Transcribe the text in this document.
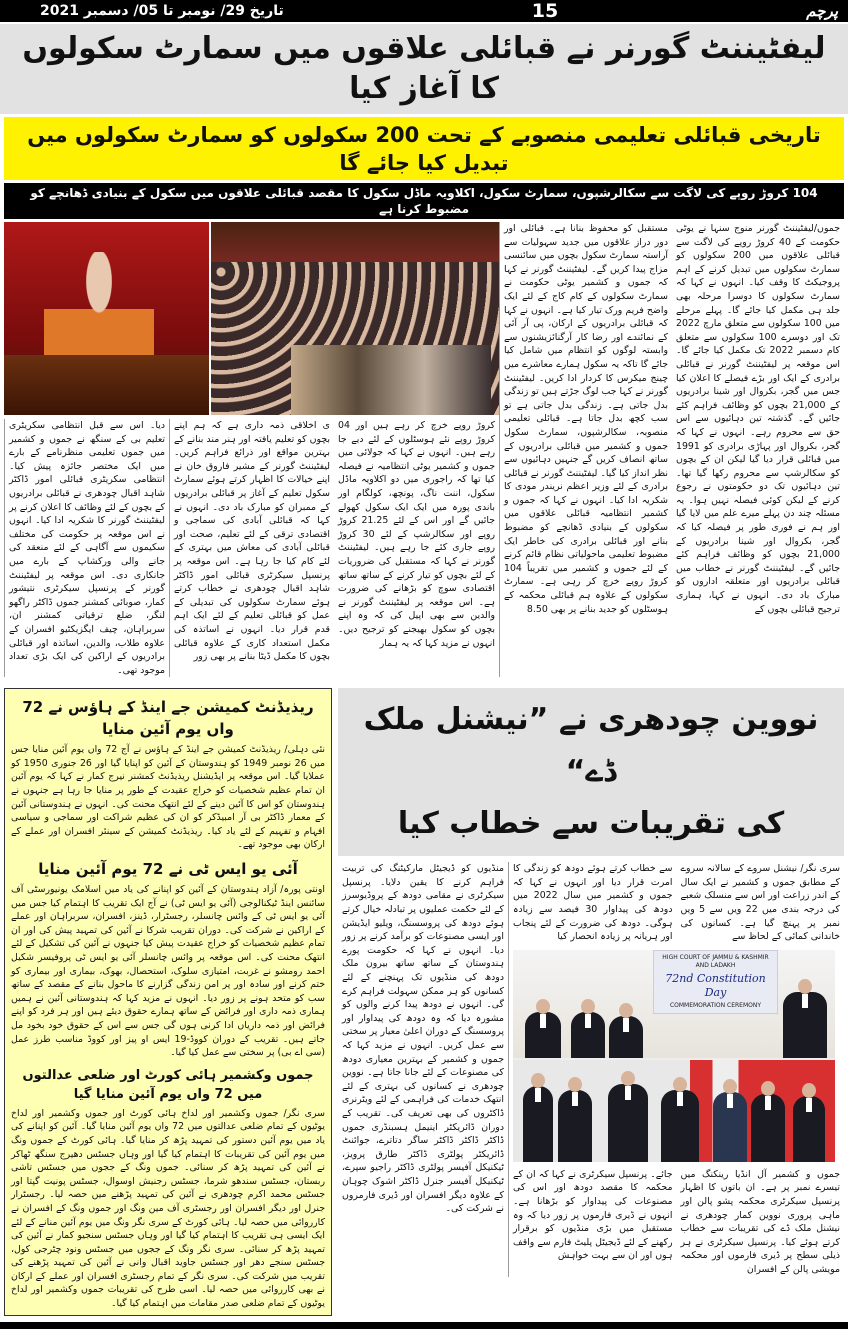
تاریخ 29/ نومبر تا 05/ دسمبر 2021	15	پرچم
لیفٹیننٹ گورنر نے قبائلی علاقوں میں سمارٹ سکولوں کا آغاز کیا
تاریخی قبائلی تعلیمی منصوبے کے تحت 200 سکولوں کو سمارٹ سکولوں میں تبدیل کیا جائے گا
104 کروڑ روپے کی لاگت سے سکالرشپوں، سمارٹ سکول، اکلاویہ ماڈل سکول کا مقصد قبائلی علاقوں میں سکول کے بنیادی ڈھانچے کو مضبوط کرنا ہے
کروڑ روپے خرچ کر رہے ہیں اور 04 کروڑ روپے نئے ہوسٹلوں کے لئے دیے جا رہے ہیں۔ انہوں نے کہا کہ جولائی میں جموں و کشمیر یوٹی انتظامیہ نے فیصلہ کیا تھا کہ راجوری میں دو اکلاویہ ماڈل سکول، اننت ناگ، پونچھ، کولگام اور باندی پورہ میں ایک ایک سکول کھولے جائیں گے اور اس کے لئے 21.25 کروڑ روپے اور سکالرشپ کے لئے 30 کروڑ روپے جاری کئے جا رہے ہیں۔ لیفٹیننٹ گورنر نے کہا کہ مستقبل کی ضروریات کے لئے بچوں کو تیار کرنے کے ساتھ ساتھ اقتصادی سوچ کو بڑھانے کی ضرورت ہے۔ اس موقعہ پر لیفٹیننٹ گورنر نے والدین سے بھی اپیل کی کہ وہ اپنے بچوں کو سکول بھیجنے کو ترجیح دیں۔ انہوں نے مزید کہا کہ یہ ہمار
ی اخلاقی ذمہ داری ہے کہ ہم اپنے بچوں کو تعلیم یافتہ اور ہنر مند بنانے کے بہترین مواقع اور ذرائع فراہم کریں۔ لیفٹیننٹ گورنر کے مشیر فاروق خان نے اپنے خیالات کا اظہار کرتے ہوئے سمارٹ سکول تعلیم کے آغاز پر قبائلی برادریوں کے ممبران کو مبارک باد دی۔ انہوں نے کہا کہ قبائلی آبادی کی سماجی و اقتصادی ترقی کے لئے تعلیم، صحت اور قبائلی آبادی کی معاش میں بہتری کے لئے کام کیا جا رہا ہے۔ اس موقعہ پر پرنسپل سیکرٹری قبائلی امور ڈاکٹر شاہد اقبال چودھری نے خطاب کرتے ہوئے سمارٹ سکولوں کی تبدیلی کے عمل کو قبائلی تعلیم کے لئے ایک اہم قدم قرار دیا۔ انہوں نے اساتذہ کی مکمل استعداد کاری کے علاوہ قبائلی بچوں کا مکمل ڈیٹا بنانے پر بھی زور
دیا۔ اس سے قبل انتظامی سکریٹری تعلیم بی کے سنگھ نے جموں و کشمیر میں جموں تعلیمی منظرنامے کے بارے میں ایک مختصر جائزہ پیش کیا۔ انتظامی سکریٹری قبائلی امور ڈاکٹر شاہد اقبال چودھری نے قبائلی برادریوں کے بچوں کے لئے وظائف کا اعلان کرنے پر لیفٹیننٹ گورنر کا شکریہ ادا کیا۔ انہوں نے اس موقعہ پر حکومت کی مختلف سکیموں سے آگاہی کے لئے منعقد کی جانے والی ورکشاپ کے بارے میں جانکاری دی۔ اس موقعہ پر لیفٹیننٹ گورنر کے پرنسپل سیکرٹری نتیشور کمار، صوبائی کمشنر جموں ڈاکٹر راگھو لنگر، ضلع ترقیاتی کمشنر ان، سربراہان، چیف ایگزیکٹیو افسران کے علاوہ طلاب، والدین، اساتذہ اور قبائلی برادریوں کے اراکین کی ایک بڑی تعداد موجود تھی۔
جموں/لیفٹیننٹ گورنر منوج سنہا نے یوٹی حکومت کے 40 کروڑ روپے کی لاگت سے قبائلی علاقوں میں 200 سکولوں کو سمارٹ سکولوں میں تبدیل کرنے کے اہم پروجیکٹ کا وقف کیا۔ انہوں نے کہا کہ سمارٹ سکولوں کا دوسرا مرحلہ بھی جلد ہی مکمل کیا جائے گا۔ پہلے مرحلے میں 100 سکولوں سے متعلق مارچ 2022 تک اور دوسرے 100 سکولوں سے متعلق کام دسمبر 2022 تک مکمل کیا جائے گا۔ اس موقعہ پر لیفٹیننٹ گورنر نے قبائلی برادری کے ایک اور بڑے فیصلے کا اعلان کیا جس میں گجر، بکروال اور شینا برادریوں کے 21,000 بچوں کو وظائف فراہم کئے جائیں گے۔ گذشتہ تین دہائیوں سے اس حق سے محروم رہے۔ انہوں نے کہا کہ گجر، بکروال اور پہاڑی برادری کو 1991 میں قبائلی قرار دیا گیا لیکن ان کے بچوں کو سکالرشپ سے محروم رکھا گیا تھا۔ تین دہائیوں تک دو حکومتوں نے رجوع کرنے کے لیکن کوئی فیصلہ نہیں ہوا۔ یہ مسئلہ چند دن پہلے میرے علم میں لایا گیا اور ہم نے فوری طور پر فیصلہ کیا کہ گجر، بکروال اور شینا برادریوں کے 21,000 بچوں کو وظائف فراہم کئے جائیں گے۔ لیفٹیننٹ گورنر نے خطاب میں قبائلی برادریوں اور متعلقہ اداروں کو مبارک باد دی۔ انہوں نے کہا، ہماری ترجیح قبائلی بچوں کے
مستقبل کو محفوظ بنانا ہے۔ قبائلی اور دور دراز علاقوں میں جدید سہولیات سے آراستہ سمارٹ سکول بچوں میں سائنسی مزاج پیدا کریں گے۔ لیفٹیننٹ گورنر نے کہا کہ جموں و کشمیر یوٹی حکومت نے سمارٹ سکولوں کے کام کاج کے لئے ایک واضح فریم ورک تیار کیا ہے۔ انہوں نے کہا کہ قبائلی برادریوں کے ارکان، پی آر آئی کے نمائندے اور رضا کار آرگنائزیشنوں سے وابستہ لوگوں کو انتظام میں شامل کیا جائے گا تاکہ یہ سکول ہمارے معاشرے میں چینج میکرس کا کردار ادا کریں۔ لیفٹیننٹ گورنر نے کہا جب لوگ جڑتے ہیں تو زندگی بدل جاتی ہے۔ زندگی بدل جاتی ہے تو سب کچھ بدل جاتا ہے۔ قبائلی تعلیمی منصوبہ، سکالرشپوں، سمارٹ سکول جموں و کشمیر میں قبائلی برادریوں کے ساتھ انصاف کریں گے جنہیں دہائیوں سے نظر انداز کیا گیا۔ لیفٹیننٹ گورنر نے قبائلی برادری کے لئے وزیر اعظم نریندر مودی کا شکریہ ادا کیا۔ انہوں نے کہا کہ جموں و کشمیر انتظامیہ قبائلی علاقوں میں سکولوں کے بنیادی ڈھانچے کو مضبوط بنانے اور قبائلی برادری کی خاطر ایک مضبوط تعلیمی ماحولیاتی نظام قائم کرنے کے لئے جموں و کشمیر میں تقریباً 104 کروڑ روپے خرچ کر رہی ہے۔ سمارٹ سکولوں کے علاوہ ہم قبائلی محکمہ کے ہوسٹلوں کو جدید بنانے پر بھی 8.50
ریذیڈنٹ کمیشن جے اینڈ کے ہاؤس نے 72 واں یوم آئین منایا
نئی دہلی/ ریذیڈنٹ کمیشن جے اینڈ کے ہاؤس نے آج 72 واں یوم آئین منایا جس میں 26 نومبر 1949 کو ہندوستان کے آئین کو اپنایا گیا اور 26 جنوری 1950 کو عملایا گیا۔ اس موقعہ پر ایڈیشنل ریذیڈنٹ کمشنر نیرج کمار نے کہا کہ یوم آئین ان تمام عظیم شخصیات کو خراج عقیدت کے طور پر منایا جا رہا ہے جنہوں نے ہندوستان کو اس کا آئین دینے کے لئے انتھک محنت کی۔ انہوں نے ہندوستانی آئین کے معمار ڈاکٹر بی آر امبیڈکر کو ان کی عظیم شراکت اور سماجی و سیاسی افہام و تفہیم کے لئے یاد کیا۔ ریذیڈنٹ کمیشن کے سینئر افسران اور عملے کے ارکان بھی موجود تھے۔
آئی یو ایس ٹی نے 72 یوم آئین منایا
اونتی پورہ/ آزاد ہندوستان کے آئین کو اپنانے کی یاد میں اسلامک یونیورسٹی آف سائنس اینڈ ٹیکنالوجی (آئی یو ایس ٹی) نے آج ایک تقریب کا اہتمام کیا جس میں آئی یو ایس ٹی کے وائس چانسلر، رجسٹرار، ڈینز، افسران، سربراہان اور عملے کے اراکین نے شرکت کی۔ دوران تقریب شرکا نے آئین کی تمہید پیش کی اور ان تمام عظیم شخصیات کو خراج عقیدت پیش کیا جنہوں نے آئین کی تشکیل کے لئے انتھک محنت کی۔ اس موقعہ پر وائس چانسلر آئی یو ایس ٹی پروفیسر شکیل احمد رومشو نے غربت، امتیازی سلوک، استحصال، بھوک، بیماری اور بیماری کو ختم کرنے اور سادہ اور پر امن زندگی گزارنے کا ماحول بنانے کے مقصد کے ساتھ سب کو متحد ہونے پر زور دیا۔ انہوں نے مزید کہا کہ ہندوستانی آئین نے ہمیں ہماری ذمہ داری اور فرائض کے ساتھ ہمارے حقوق دیئے ہیں اور ہر فرد کو اپنے فرائض اور ذمہ داریاں ادا کرنی ہوں گی جس سے اس کے حقوق خود بخود مل جاتے ہیں۔ تقریب کے دوران کووڈ-19 ایس او پیز اور کووڈ مناسب طرز عمل (سی اے بی) پر سختی سے عمل کیا گیا۔
جموں وکشمیر ہائی کورٹ اور ضلعی عدالتوں میں 72 واں یوم آئین منایا گیا
سری نگر/ جموں وکشمیر اور لداخ ہائی کورٹ اور جموں وکشمیر اور لداخ یوٹیوں کے تمام ضلعی عدالتوں میں 72 واں یوم آئین منایا گیا۔ آئین کو اپنانے کی یاد میں یوم آئین دستور کی تمہید پڑھ کر منایا گیا۔ ہائی کورٹ کے جموں ونگ میں یوم آئین کی تقریبات کا اہتمام کیا گیا اور وہاں جسٹس دھیرج سنگھ ٹھاکر نے آئین کی تمہید پڑھ کر سنائی۔ جموں ونگ کے ججوں میں جسٹس تاشی ربستان، جسٹس سندھو شرما، جسٹس رجنیش اوسوال، جسٹس پونیت گپتا اور جسٹس محمد اکرم چودھری نے آئین کی تمہید پڑھنے میں حصہ لیا۔ رجسٹرار جنرل اور دیگر افسران اور رجسٹری آف مین ونگ اور جموں ونگ کے افسران نے کارروائی میں حصہ لیا۔ ہائی کورٹ کے سری نگر ونگ میں یوم آئین منانے کے لئے ایک ایسی ہی تقریب کا اہتمام کیا گیا اور وہاں جسٹس سنجیو کمار نے آئین کی تمہید پڑھ کر سنائی۔ سری نگر ونگ کے ججوں میں جسٹس ونود چٹرجی کول، جسٹس سنجے دھر اور جسٹس جاوید اقبال وانی نے آئین کی تمہید پڑھنے کی تقریب میں شرکت کی۔ سری نگر کے تمام رجسٹری افسران اور عملے کے ارکان نے بھی کارروائی میں حصہ لیا۔ اسی طرح کی تقریبات جموں وکشمیر اور لداخ یوٹیوں کے تمام ضلعی صدر مقامات میں اہتمام کیا گیا۔
نووین چودھری نے ”نیشنل ملک ڈے“
کی تقریبات سے خطاب کیا
منڈیوں کو ڈیجیٹل مارکیٹنگ کی تربیت فراہم کرنے کا یقین دلایا۔ پرنسپل سیکرٹری نے مقامی دودھ کے پروڈیوسرز کے لئے حکمت عملیوں پر تبادلہ خیال کرتے ہوئے دودھ کی پروسسنگ، ویلیو ایڈیشن اور ایسی مصنوعات کو برآمد کرنے پر زور دیا۔ انہوں نے کہا کہ حکومت پورے ہندوستان کے ساتھ ساتھ بیرون ملک دودھ کی منڈیوں تک پہنچنے کے لئے کسانوں کو ہر ممکن سہولت فراہم کرے گی۔ انہوں نے دودھ پیدا کرنے والوں کو مشورہ دیا کہ وہ دودھ کی پیداوار اور پروسسنگ کے دوران اعلیٰ معیار پر سختی سے عمل کریں۔ انہوں نے مزید کہا کہ جموں و کشمیر کے بہترین معیاری دودھ کی مصنوعات کے لئے جانا جاتا ہے۔ نووین چودھری نے کسانوں کی بہتری کے لئے انتھک خدمات کی فراہمی کے لئے ویٹرنری ڈاکٹروں کی بھی تعریف کی۔ تقریب کے دوران ڈائریکٹر اینیمل ہسبنڈری جموں ڈاکٹر ڈاکٹر ڈاکٹر ساگر دتاترے، جوائنٹ ڈائریکٹر پولٹری ڈاکٹر طارق پرویز، ٹیکنیکل آفیسر پولٹری ڈاکٹر راجیو سپرے، ٹیکنیکل آفیسر جنرل ڈاکٹر اشوک چوہان کے علاوہ دیگر افسران اور ڈیری فارمروں نے شرکت کی۔
سری نگر/ نیشنل سروے کے سالانہ سروے کے مطابق جموں و کشمیر نے ایک سال کے اندر زراعت اور اس سے منسلک شعبے کی درجہ بندی میں 22 ویں سے 5 ویں نمبر پر پہنچ گیا ہے۔ کسانوں کی خاندانی کمائی کے لحاظ سے
سے خطاب کرتے ہوئے دودھ کو زندگی کا امرت قرار دیا اور انہوں نے کہا کہ جموں و کشمیر میں سال 2022 میں دودھ کی پیداوار 30 فیصد سے زیادہ ہوگی۔ دودھ کی ضرورت کے لئے پنجاب اور ہریانہ پر زیادہ انحصار کیا
HIGH COURT OF JAMMU & KASHMIR AND LADAKH
72nd Constitution Day
COMMEMORATION CEREMONY
جموں و کشمیر آل انڈیا رینکنگ میں تیسرے نمبر پر ہے۔ ان باتوں کا اظہار پرنسپل سیکرٹری محکمہ پشو پالن اور ماہی پروری نووین کمار چودھری نے نیشنل ملک ڈے کی تقریبات سے خطاب کرتے ہوئے کیا۔ پرنسپل سیکرٹری نے ہر ذیلی سطح پر ڈیری فارموں اور محکمہ مویشی پالن کے افسران
جائے۔ پرنسپل سیکرٹری نے کہا کہ ان کے محکمہ کا مقصد دودھ اور اس کی مصنوعات کی پیداوار کو بڑھانا ہے۔ انہوں نے ڈیری فارموں پر زور دیا کہ وہ مستقبل میں بڑی منڈیوں کو برقرار رکھنے کے لئے ڈیجیٹل پلیٹ فارم سے واقف ہوں اور ان سے بہت خواہش
